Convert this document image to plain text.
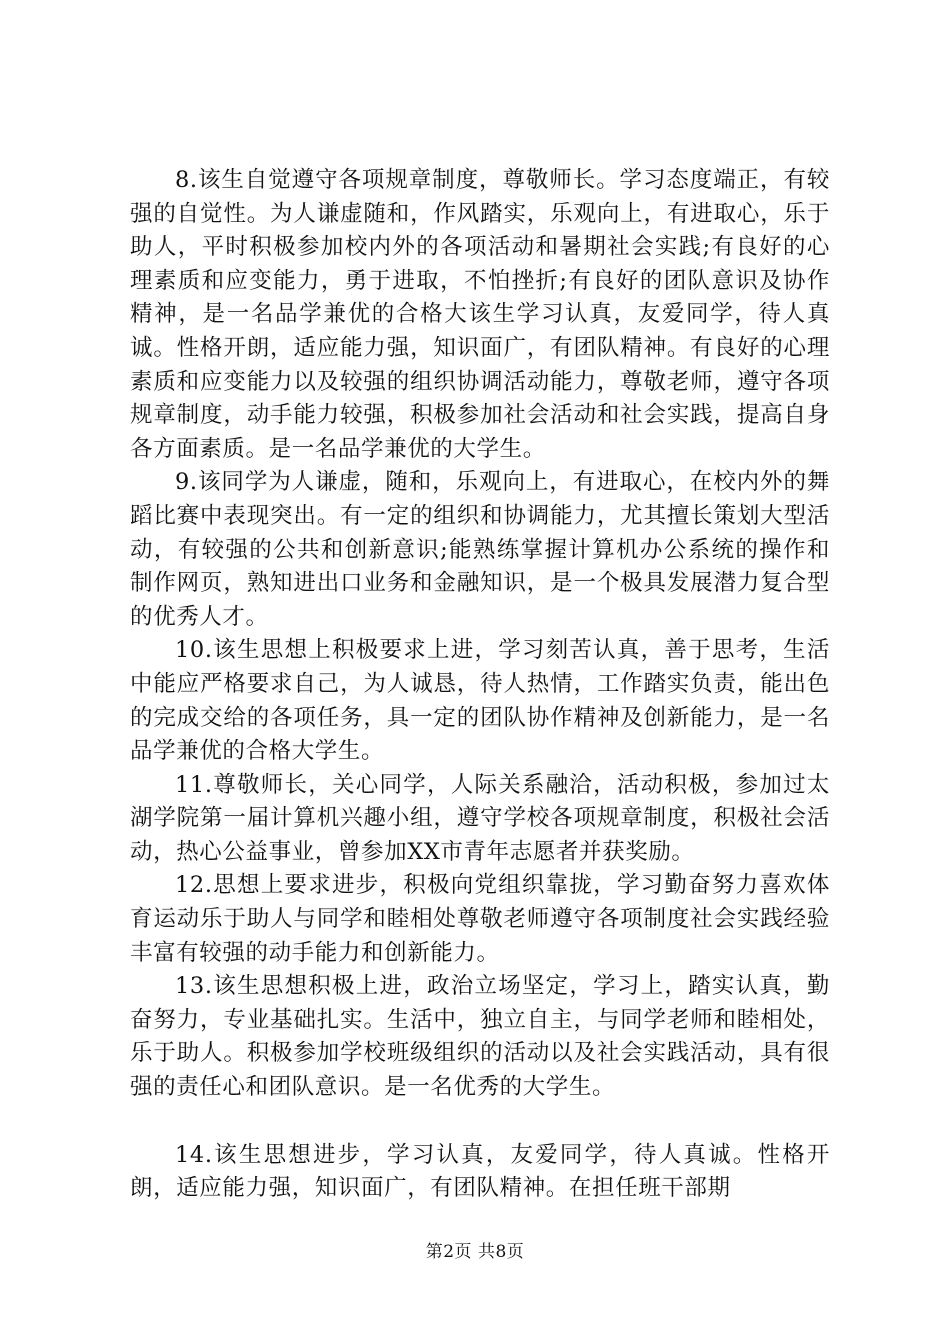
8.该生自觉遵守各项规章制度，尊敬师长。学习态度端正，有较强的自觉性。为人谦虚随和，作风踏实，乐观向上，有进取心，乐于助人，平时积极参加校内外的各项活动和暑期社会实践;有良好的心理素质和应变能力，勇于进取，不怕挫折;有良好的团队意识及协作精神，是一名品学兼优的合格大该生学习认真，友爱同学，待人真诚。性格开朗，适应能力强，知识面广，有团队精神。有良好的心理素质和应变能力以及较强的组织协调活动能力，尊敬老师，遵守各项规章制度，动手能力较强，积极参加社会活动和社会实践，提高自身各方面素质。是一名品学兼优的大学生。

9.该同学为人谦虚，随和，乐观向上，有进取心，在校内外的舞蹈比赛中表现突出。有一定的组织和协调能力，尤其擅长策划大型活动，有较强的公共和创新意识;能熟练掌握计算机办公系统的操作和制作网页，熟知进出口业务和金融知识，是一个极具发展潜力复合型的优秀人才。

10.该生思想上积极要求上进，学习刻苦认真，善于思考，生活中能应严格要求自己，为人诚恳，待人热情，工作踏实负责，能出色的完成交给的各项任务，具一定的团队协作精神及创新能力，是一名品学兼优的合格大学生。

11.尊敬师长，关心同学，人际关系融洽，活动积极，参加过太湖学院第一届计算机兴趣小组，遵守学校各项规章制度，积极社会活动，热心公益事业，曾参加XX市青年志愿者并获奖励。

12.思想上要求进步，积极向党组织靠拢，学习勤奋努力喜欢体育运动乐于助人与同学和睦相处尊敬老师遵守各项制度社会实践经验丰富有较强的动手能力和创新能力。

13.该生思想积极上进，政治立场坚定，学习上，踏实认真，勤奋努力，专业基础扎实。生活中，独立自主，与同学老师和睦相处，乐于助人。积极参加学校班级组织的活动以及社会实践活动，具有很强的责任心和团队意识。是一名优秀的大学生。

14.该生思想进步，学习认真，友爱同学，待人真诚。性格开朗，适应能力强，知识面广，有团队精神。在担任班干部期

第2页 共8页
